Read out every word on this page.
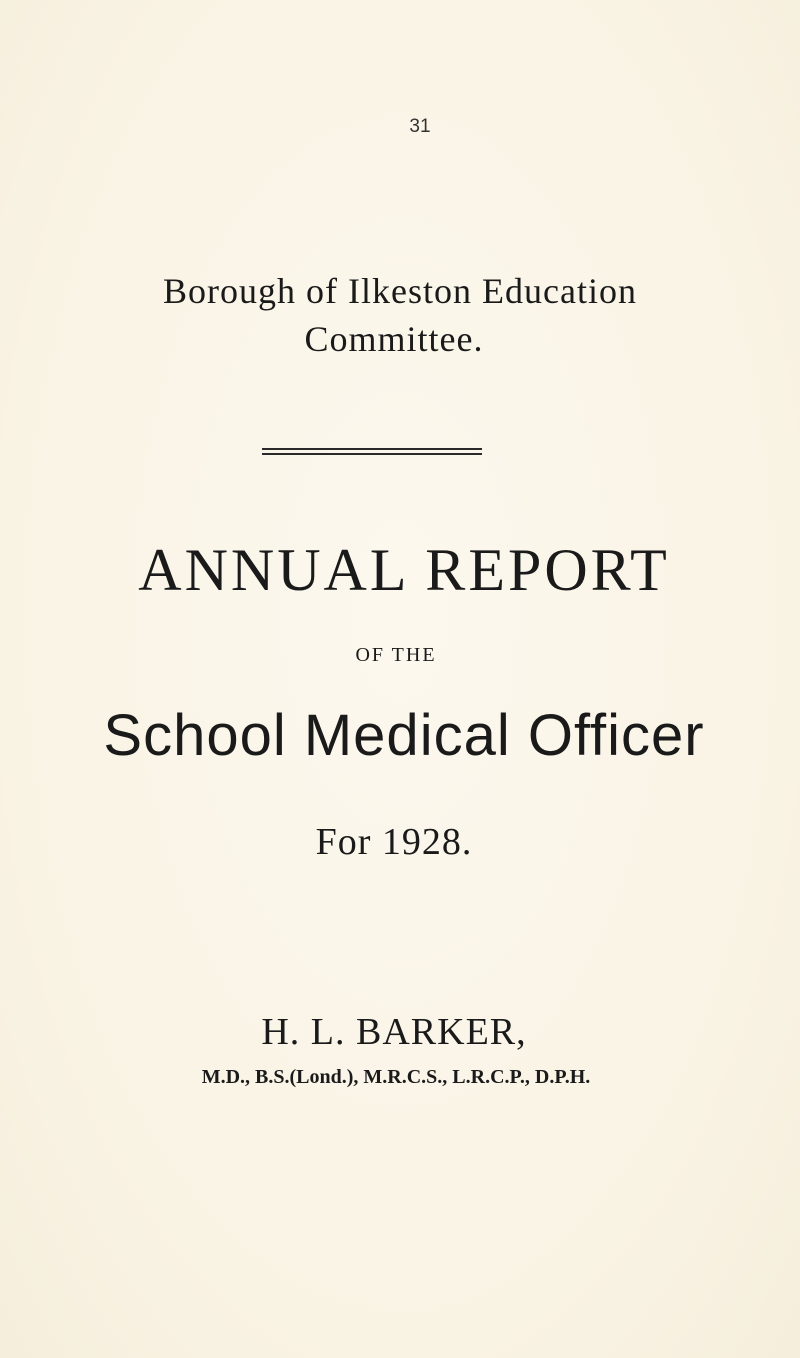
31
Borough of Ilkeston Education
Committee.
ANNUAL REPORT
OF THE
School Medical Officer
For 1928.
H. L. BARKER,
M.D., B.S.(Lond.), M.R.C.S., L.R.C.P., D.P.H.
